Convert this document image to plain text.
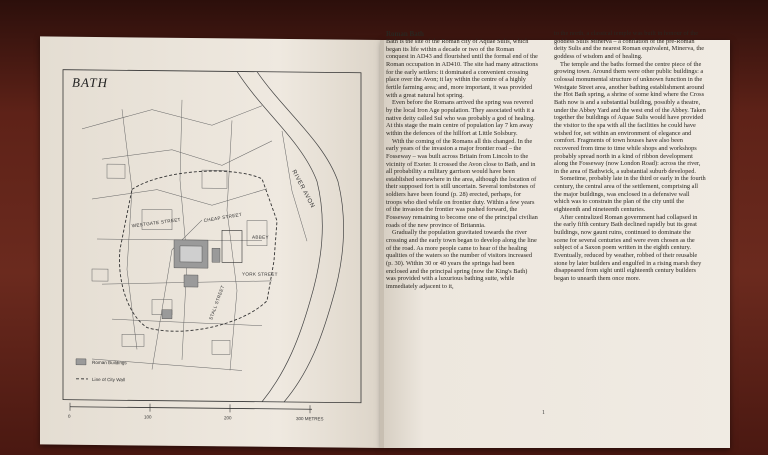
BATH
RIVER AVON
WESTGATE STREET	CHEAP STREET
ABBEY
YORK STREET
STALL STREET
Roman Buildings
Line of City Wall
0	100	200	300 METRES
Roman Bath

Bath is the site of the Roman city of Aquae Sulis, which began its life within a decade or two of the Roman conquest in AD43 and flourished until the formal end of the Roman occupation in AD410. The site had many attractions for the early settlers: it dominated a convenient crossing place over the Avon; it lay within the centre of a highly fertile farming area; and, more important, it was provided with a great natural hot spring.

Even before the Romans arrived the spring was revered by the local Iron Age population. They associated with it a native deity called Sul who was probably a god of healing. At this stage the main centre of population lay 7 km away within the defences of the hillfort at Little Solsbury.

With the coming of the Romans all this changed. In the early years of the invasion a major frontier road – the Fosseway – was built across Britain from Lincoln to the vicinity of Exeter. It crossed the Avon close to Bath, and in all probability a military garrison would have been established somewhere in the area, although the location of their supposed fort is still uncertain. Several tombstones of soldiers have been found (p. 28) erected, perhaps, for troops who died while on frontier duty. Within a few years of the invasion the frontier was pushed forward, the Fosseway remaining to become one of the principal civilian roads of the new province of Britannia.

Gradually the population gravitated towards the river crossing and the early town began to develop along the line of the road. As more people came to hear of the healing qualities of the waters so the number of visitors increased (p. 30). Within 30 or 40 years the springs had been enclosed and the principal spring (now the King's Bath) was provided with a luxurious bathing suite, while immediately adjacent to it,

to the north, a classical temple was built in honour of the goddess Sulis Minerva – a conflation of the pre-Roman deity Sulis and the nearest Roman equivalent, Minerva, the goddess of wisdom and of healing.

The temple and the baths formed the centre piece of the growing town. Around them were other public buildings: a colossal monumental structure of unknown function in the Westgate Street area, another bathing establishment around the Hot Bath spring, a shrine of some kind where the Cross Bath now is and a substantial building, possibly a theatre, under the Abbey Yard and the west end of the Abbey. Taken together the buildings of Aquae Sulis would have provided the visitor to the spa with all the facilities he could have wished for, set within an environment of elegance and comfort. Fragments of town houses have also been recovered from time to time while shops and workshops probably spread north in a kind of ribbon development along the Fosseway (now London Road): across the river, in the area of Bathwick, a substantial suburb developed.

Sometime, probably late in the third or early in the fourth century, the central area of the settlement, comprising all the major buildings, was enclosed in a defensive wall which was to constrain the plan of the city until the eighteenth and nineteenth centuries.

After centralized Roman government had collapsed in the early fifth century Bath declined rapidly but its great buildings, now gaunt ruins, continued to dominate the scene for several centuries and were even chosen as the subject of a Saxon poem written in the eighth century. Eventually, reduced by weather, robbed of their reusable stone by later builders and engulfed in a rising marsh they disappeared from sight until eighteenth century builders began to unearth them once more.

1
